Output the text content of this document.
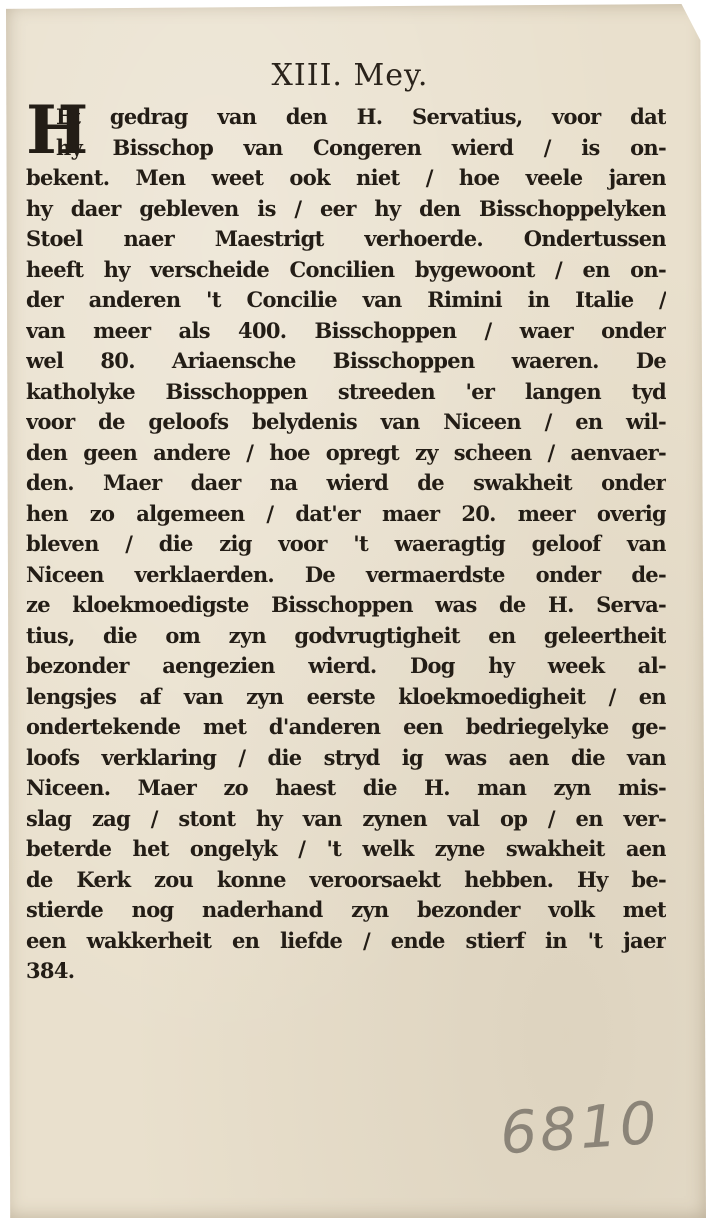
XIII. Mey.
H
Et gedrag van den H. Servatius, voor dat
hy Bisschop van Congeren wierd / is on-
bekent. Men weet ook niet / hoe veele jaren
hy daer gebleven is / eer hy den Bisschoppelyken
Stoel naer Maestrigt verhoerde. Ondertussen
heeft hy verscheide Concilien bygewoont / en on-
der anderen 't Concilie van Rimini in Italie /
van meer als 400. Bisschoppen / waer onder
wel 80. Ariaensche Bisschoppen waeren. De
katholyke Bisschoppen streeden 'er langen tyd
voor de geloofs belydenis van Niceen / en wil-
den geen andere / hoe opregt zy scheen / aenvaer-
den. Maer daer na wierd de swakheit onder
hen zo algemeen / dat'er maer 20. meer overig
bleven / die zig voor 't waeragtig geloof van
Niceen verklaerden. De vermaerdste onder de-
ze kloekmoedigste Bisschoppen was de H. Serva-
tius, die om zyn godvrugtigheit en geleertheit
bezonder aengezien wierd. Dog hy week al-
lengsjes af van zyn eerste kloekmoedigheit / en
ondertekende met d'anderen een bedriegelyke ge-
loofs verklaring / die stryd ig was aen die van
Niceen. Maer zo haest die H. man zyn mis-
slag zag / stont hy van zynen val op / en ver-
beterde het ongelyk / 't welk zyne swakheit aen
de Kerk zou konne veroorsaekt hebben. Hy be-
stierde nog naderhand zyn bezonder volk met
een wakkerheit en liefde / ende stierf in 't jaer
384.
6810
